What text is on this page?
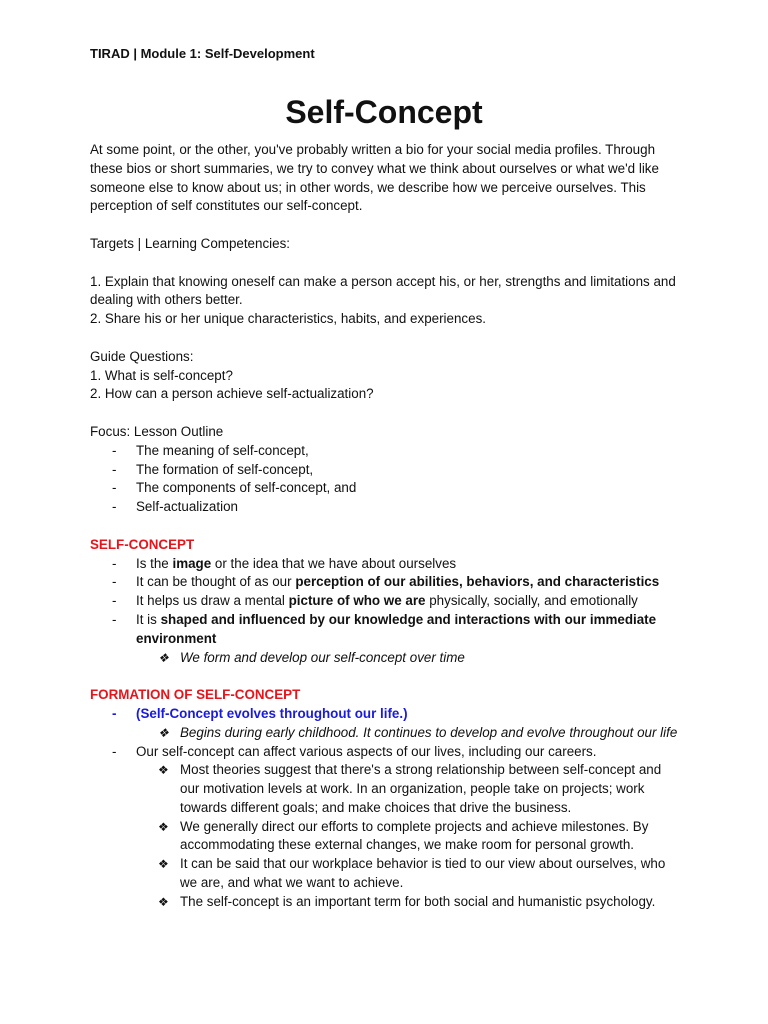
TIRAD | Module 1: Self-Development
Self-Concept

At some point, or the other, you've probably written a bio for your social media profiles. Through these bios or short summaries, we try to convey what we think about ourselves or what we'd like someone else to know about us; in other words, we describe how we perceive ourselves. This perception of self constitutes our self-concept.

Targets | Learning Competencies:

1. Explain that knowing oneself can make a person accept his, or her, strengths and limitations and dealing with others better.

2. Share his or her unique characteristics, habits, and experiences.

Guide Questions:

1. What is self-concept?

2. How can a person achieve self-actualization?

Focus: Lesson Outline

- The meaning of self-concept,
- The formation of self-concept,
- The components of self-concept, and
- Self-actualization

SELF-CONCEPT

- Is the image or the idea that we have about ourselves
- It can be thought of as our perception of our abilities, behaviors, and characteristics
- It helps us draw a mental picture of who we are physically, socially, and emotionally
- It is shaped and influenced by our knowledge and interactions with our immediate environment
❖ We form and develop our self-concept over time

FORMATION OF SELF-CONCEPT

- (Self-Concept evolves throughout our life.)
❖ Begins during early childhood. It continues to develop and evolve throughout our life
- Our self-concept can affect various aspects of our lives, including our careers.
❖ Most theories suggest that there's a strong relationship between self-concept and our motivation levels at work. In an organization, people take on projects; work towards different goals; and make choices that drive the business.
❖ We generally direct our efforts to complete projects and achieve milestones. By accommodating these external changes, we make room for personal growth.
❖ It can be said that our workplace behavior is tied to our view about ourselves, who we are, and what we want to achieve.
❖ The self-concept is an important term for both social and humanistic psychology.
